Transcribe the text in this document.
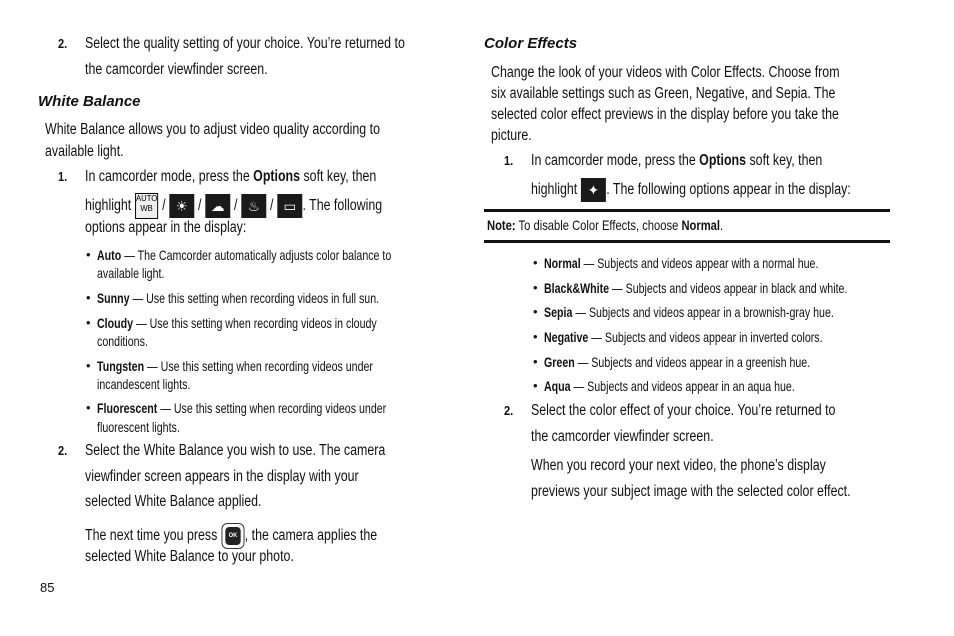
2. Select the quality setting of your choice. You’re returned to
the camcorder viewfinder screen.
White Balance
White Balance allows you to adjust video quality according to
available light.
1. In camcorder mode, press the Options soft key, then
highlight AUTO
WB / ☀ / ☁ / ♨ / ▭ . The following
options appear in the display:
• Auto — The Camcorder automatically adjusts color balance to
available light.
• Sunny — Use this setting when recording videos in full sun.
• Cloudy — Use this setting when recording videos in cloudy
conditions.
• Tungsten — Use this setting when recording videos under
incandescent lights.
• Fluorescent — Use this setting when recording videos under
fluorescent lights.
2. Select the White Balance you wish to use. The camera
viewfinder screen appears in the display with your
selected White Balance applied.
The next time you press	OK , the camera applies the
selected White Balance to your photo.
85
Color Effects
Change the look of your videos with Color Effects. Choose from
six available settings such as Green, Negative, and Sepia. The
selected color effect previews in the display before you take the
picture.
1. In camcorder mode, press the Options soft key, then
highlight ✦ . The following options appear in the display:
Note: To disable Color Effects, choose Normal.
• Normal — Subjects and videos appear with a normal hue.
• Black&White — Subjects and videos appear in black and white.
• Sepia — Subjects and videos appear in a brownish-gray hue.
• Negative — Subjects and videos appear in inverted colors.
• Green — Subjects and videos appear in a greenish hue.
• Aqua — Subjects and videos appear in an aqua hue.
2. Select the color effect of your choice. You’re returned to
the camcorder viewfinder screen.
When you record your next video, the phone’s display
previews your subject image with the selected color effect.
